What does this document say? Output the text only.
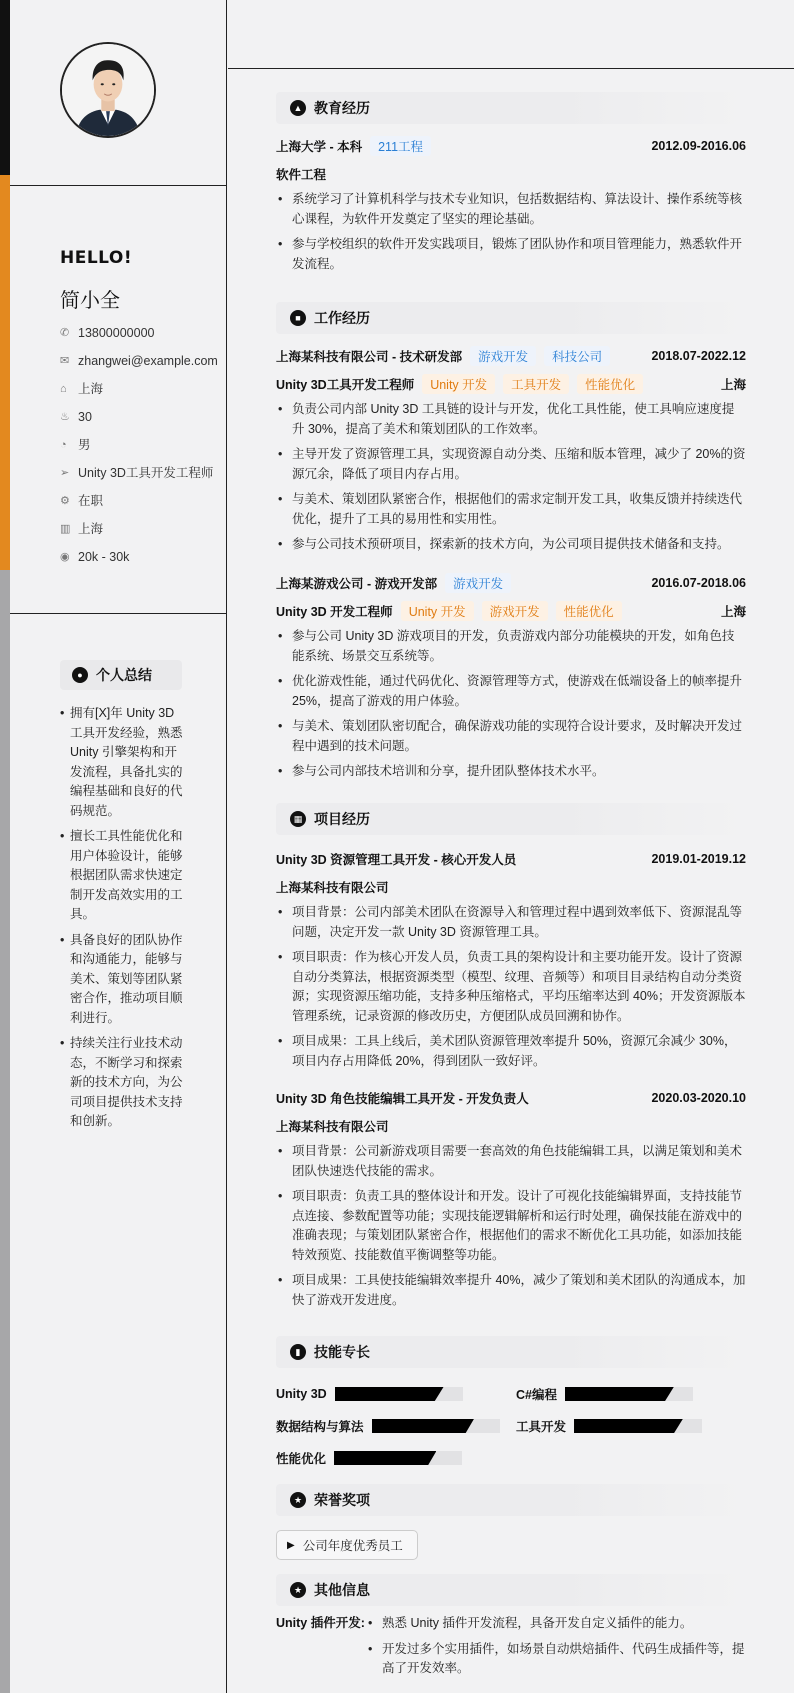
HELLO!
简小全
✆ 13800000000
✉ zhangwei@example.com
⌂ 上海
♨ 30
◔ 男
➢ Unity 3D工具开发工程师
⚙ 在职
▥ 上海
◉ 20k - 30k
● 个人总结
• 拥有[X]年 Unity 3D 工具开发经验，熟悉 Unity 引擎架构和开发流程，具备扎实的编程基础和良好的代码规范。
• 擅长工具性能优化和用户体验设计，能够根据团队需求快速定制开发高效实用的工具。
• 具备良好的团队协作和沟通能力，能够与美术、策划等团队紧密合作，推动项目顺利进行。
• 持续关注行业技术动态，不断学习和探索新的技术方向，为公司项目提供技术支持和创新。
▲ 教育经历
上海大学 - 本科	211工程	2012.09-2016.06
软件工程
• 系统学习了计算机科学与技术专业知识，包括数据结构、算法设计、操作系统等核心课程，为软件开发奠定了坚实的理论基础。
• 参与学校组织的软件开发实践项目，锻炼了团队协作和项目管理能力，熟悉软件开发流程。
■ 工作经历
上海某科技有限公司 - 技术研发部	游戏开发	科技公司	2018.07-2022.12
Unity 3D工具开发工程师	Unity 开发	工具开发	性能优化	上海
• 负责公司内部 Unity 3D 工具链的设计与开发，优化工具性能，使工具响应速度提升 30%，提高了美术和策划团队的工作效率。
• 主导开发了资源管理工具，实现资源自动分类、压缩和版本管理，减少了 20%的资源冗余，降低了项目内存占用。
• 与美术、策划团队紧密合作，根据他们的需求定制开发工具，收集反馈并持续迭代优化，提升了工具的易用性和实用性。
• 参与公司技术预研项目，探索新的技术方向，为公司项目提供技术储备和支持。
上海某游戏公司 - 游戏开发部	游戏开发	2016.07-2018.06
Unity 3D 开发工程师	Unity 开发	游戏开发	性能优化	上海
• 参与公司 Unity 3D 游戏项目的开发，负责游戏内部分功能模块的开发，如角色技能系统、场景交互系统等。
• 优化游戏性能，通过代码优化、资源管理等方式，使游戏在低端设备上的帧率提升 25%，提高了游戏的用户体验。
• 与美术、策划团队密切配合，确保游戏功能的实现符合设计要求，及时解决开发过程中遇到的技术问题。
• 参与公司内部技术培训和分享，提升团队整体技术水平。
▦ 项目经历
Unity 3D 资源管理工具开发 - 核心开发人员	2019.01-2019.12
上海某科技有限公司
• 项目背景：公司内部美术团队在资源导入和管理过程中遇到效率低下、资源混乱等问题，决定开发一款 Unity 3D 资源管理工具。
• 项目职责：作为核心开发人员，负责工具的架构设计和主要功能开发。设计了资源自动分类算法，根据资源类型（模型、纹理、音频等）和项目目录结构自动分类资源；实现资源压缩功能，支持多种压缩格式，平均压缩率达到 40%；开发资源版本管理系统，记录资源的修改历史，方便团队成员回溯和协作。
• 项目成果：工具上线后，美术团队资源管理效率提升 50%，资源冗余减少 30%，项目内存占用降低 20%，得到团队一致好评。
Unity 3D 角色技能编辑工具开发 - 开发负责人	2020.03-2020.10
上海某科技有限公司
• 项目背景：公司新游戏项目需要一套高效的角色技能编辑工具，以满足策划和美术团队快速迭代技能的需求。
• 项目职责：负责工具的整体设计和开发。设计了可视化技能编辑界面，支持技能节点连接、参数配置等功能；实现技能逻辑解析和运行时处理，确保技能在游戏中的准确表现；与策划团队紧密合作，根据他们的需求不断优化工具功能，如添加技能特效预览、技能数值平衡调整等功能。
• 项目成果：工具使技能编辑效率提升 40%，减少了策划和美术团队的沟通成本，加快了游戏开发进度。
▮ 技能专长
Unity 3D	C#编程
数据结构与算法	工具开发
性能优化
★ 荣誉奖项
▶ 公司年度优秀员工
★ 其他信息
Unity 插件开发:
•	熟悉 Unity 插件开发流程，具备开发自定义插件的能力。
• 开发过多个实用插件，如场景自动烘焙插件、代码生成插件等，提高了开发效率。
